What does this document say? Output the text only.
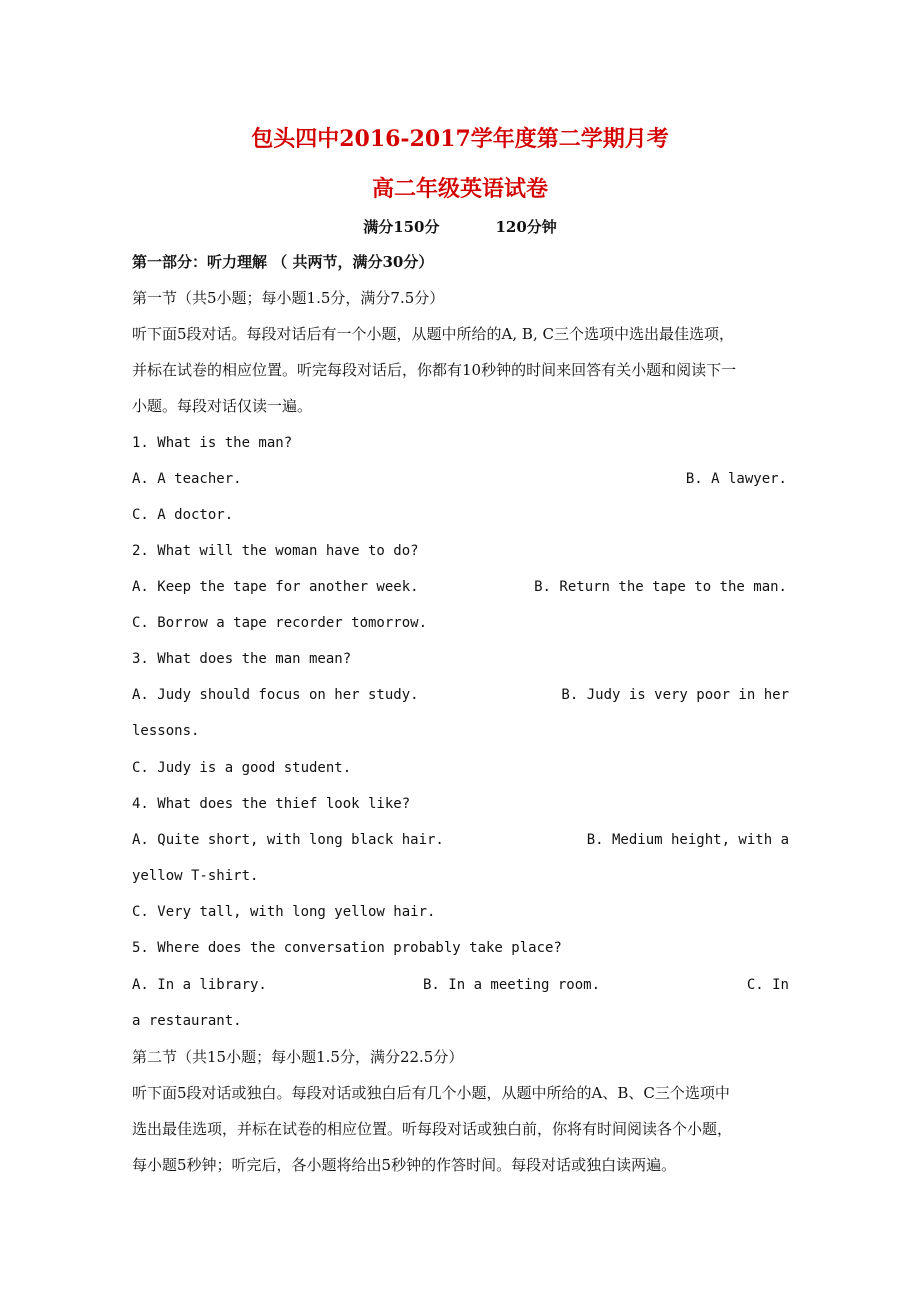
包头四中2016-2017学年度第二学期月考
高二年级英语试卷
满分150分	120分钟
第一部分：听力理解 （ 共两节，满分30分）
第一节（共5小题；每小题1.5分，满分7.5分）
听下面5段对话。每段对话后有一个小题，从题中所给的A, B, C三个选项中选出最佳选项，
并标在试卷的相应位置。听完每段对话后，你都有10秒钟的时间来回答有关小题和阅读下一
小题。每段对话仅读一遍。
1. What is the man?
A. A teacher.	B. A lawyer.
C. A doctor.
2. What will the woman have to do?
A. Keep the tape for another week.	B. Return the tape to the man.
C. Borrow a tape recorder tomorrow.
3. What does the man mean?
A. Judy should focus on her study.	B. Judy is very poor in her
lessons.
C. Judy is a good student.
4. What does the thief look like?
A. Quite short, with long black hair.	B. Medium height, with a
yellow T-shirt.
C. Very tall, with long yellow hair.
5. Where does the conversation probably take place?
A. In a library.	B. In a meeting room.	C. In
a restaurant.
第二节（共15小题；每小题1.5分，满分22.5分）
听下面5段对话或独白。每段对话或独白后有几个小题，从题中所给的A、B、C三个选项中
选出最佳选项，并标在试卷的相应位置。听每段对话或独白前，你将有时间阅读各个小题，
每小题5秒钟；听完后，各小题将给出5秒钟的作答时间。每段对话或独白读两遍。
